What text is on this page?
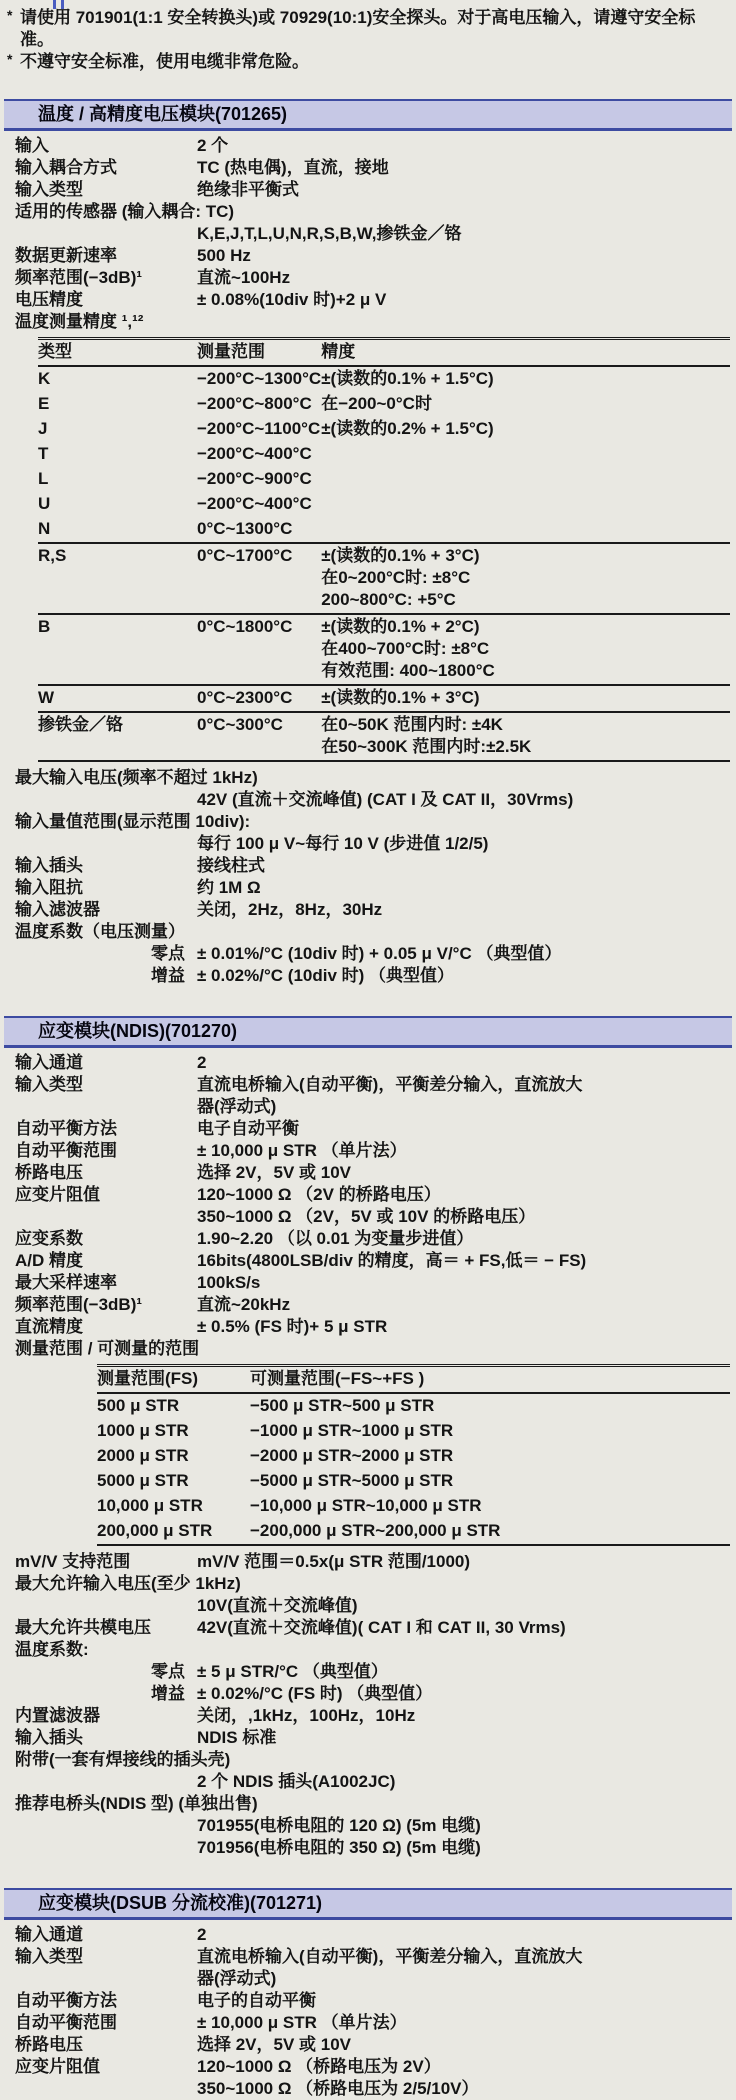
* 请使用 701901(1:1 安全转换头)或 70929(10:1)安全探头。对于高电压输入，请遵守安全标准。
* 不遵守安全标准，使用电缆非常危险。
温度 / 高精度电压模块(701265)
输入	2 个
输入耦合方式	TC (热电偶)，直流，接地
输入类型	绝缘非平衡式
适用的传感器 (输入耦合: TC)
K,E,J,T,L,U,N,R,S,B,W,掺铁金／铬
数据更新速率	500 Hz
频率范围(−3dB)¹	直流~100Hz
电压精度	± 0.08%(10div 时)+2 μ V
温度测量精度 ¹,¹²
类型	测量范围	精度
K	−200°C~1300°C	±(读数的0.1% + 1.5°C)

E	−200°C~800°C	在−200~0°C时

J	−200°C~1100°C	±(读数的0.2% + 1.5°C)

T	−200°C~400°C	
L	−200°C~900°C	
U	−200°C~400°C	
N	0°C~1300°C	
R,S	0°C~1700°C	±(读数的0.1% + 3°C)
在0~200°C时: ±8°C
200~800°C: +5°C

B	0°C~1800°C	±(读数的0.1% + 2°C)
在400~700°C时: ±8°C
有效范围: 400~1800°C

W	0°C~2300°C	±(读数的0.1% + 3°C)

掺铁金／铬	0°C~300°C	在0~50K 范围内时: ±4K
在50~300K 范围内时:±2.5K
最大输入电压(频率不超过 1kHz)
42V (直流＋交流峰值) (CAT I 及 CAT II，30Vrms)
输入量值范围(显示范围 10div):
每行 100 μ V~每行 10 V (步进值 1/2/5)
输入插头	接线柱式
输入阻抗	约 1M Ω
输入滤波器	关闭，2Hz，8Hz，30Hz
温度系数（电压测量）
零点 ± 0.01%/°C (10div 时) + 0.05 μ V/°C （典型值）
增益 ± 0.02%/°C (10div 时) （典型值）
应变模块(NDIS)(701270)
输入通道	2
输入类型	直流电桥输入(自动平衡)，平衡差分输入，直流放大
器(浮动式)
自动平衡方法	电子自动平衡
自动平衡范围	± 10,000 μ STR （单片法）
桥路电压	选择 2V，5V 或 10V
应变片阻值	120~1000 Ω （2V 的桥路电压）
350~1000 Ω （2V，5V 或 10V 的桥路电压）
应变系数	1.90~2.20 （以 0.01 为变量步进值）
A/D 精度	16bits(4800LSB/div 的精度，高＝ + FS,低＝ − FS)
最大采样速率	100kS/s
频率范围(−3dB)¹	直流~20kHz
直流精度	± 0.5% (FS 时)+ 5 μ STR
测量范围 / 可测量的范围
测量范围(FS)	可测量范围(−FS~+FS )
500 μ STR	−500 μ STR~500 μ STR
1000 μ STR	−1000 μ STR~1000 μ STR
2000 μ STR	−2000 μ STR~2000 μ STR
5000 μ STR	−5000 μ STR~5000 μ STR
10,000 μ STR	−10,000 μ STR~10,000 μ STR
200,000 μ STR	−200,000 μ STR~200,000 μ STR
mV/V 支持范围	mV/V 范围＝0.5x(μ STR 范围/1000)
最大允许输入电压(至少 1kHz)
10V(直流＋交流峰值)
最大允许共模电压	42V(直流＋交流峰值)( CAT I 和 CAT II, 30 Vrms)
温度系数:
零点 ± 5 μ STR/°C （典型值）
增益 ± 0.02%/°C (FS 时) （典型值）
内置滤波器	关闭，,1kHz，100Hz，10Hz
输入插头	NDIS 标准
附带(一套有焊接线的插头壳)
2 个 NDIS 插头(A1002JC)
推荐电桥头(NDIS 型) (单独出售)
701955(电桥电阻的 120 Ω) (5m 电缆)
701956(电桥电阻的 350 Ω) (5m 电缆)
应变模块(DSUB 分流校准)(701271)
输入通道	2
输入类型	直流电桥输入(自动平衡)，平衡差分输入，直流放大
器(浮动式)
自动平衡方法	电子的自动平衡
自动平衡范围	± 10,000 μ STR （单片法）
桥路电压	选择 2V，5V 或 10V
应变片阻值	120~1000 Ω （桥路电压为 2V）
350~1000 Ω （桥路电压为 2/5/10V）
